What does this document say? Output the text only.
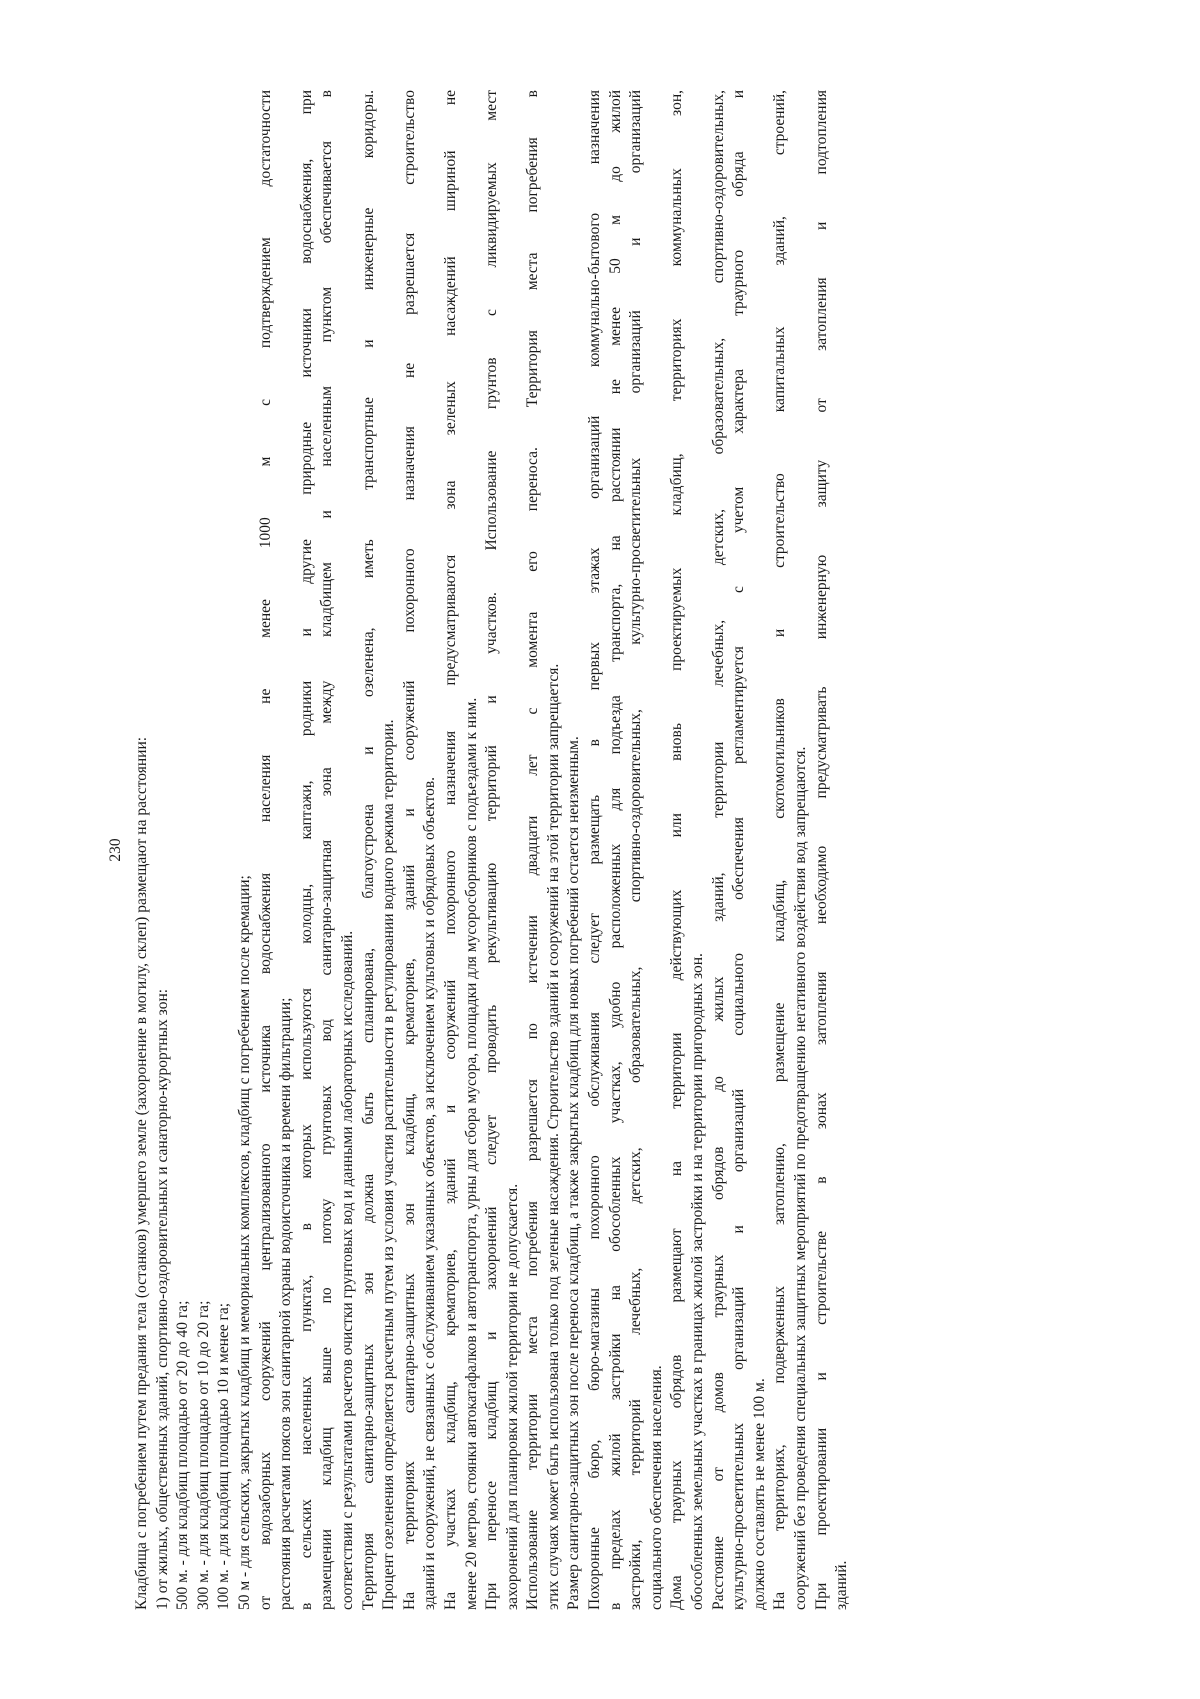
230 Кладбища с погребением путем предания тела (останков) умершего земле (захоронение в могилу, склеп) размещают на расстоянии: 1) от жилых, общественных зданий, спортивно-оздоровительных и санаторно-курортных зон: 500 м. - для кладбищ площадью от 20 до 40 га; 300 м. - для кладбищ площадью от 10 до 20 га; 100 м. - для кладбищ площадью 10 и менее га; 50 м - для сельских, закрытых кладбищ и мемориальных комплексов, кладбищ с погребением после кремации; от водозаборных сооружений централизованного источника водоснабжения населения не менее 1000 м с подтверждением достаточности расстояния расчетами поясов зон санитарной охраны водоисточника и времени фильтрации; в сельских населенных пунктах, в которых используются колодцы, каптажи, родники и другие природные источники водоснабжения, при размещении кладбищ выше по потоку грунтовых вод санитарно-защитная зона между кладбищем и населенным пунктом обеспечивается в соответствии с результатами расчетов очистки грунтовых вод и данными лабораторных исследований. Территория санитарно-защитных зон должна быть спланирована, благоустроена и озеленена, иметь транспортные и инженерные коридоры. Процент озеленения определяется расчетным путем из условия участия растительности в регулировании водного режима территории. На территориях санитарно-защитных зон кладбищ, крематориев, зданий и сооружений похоронного назначения не разрешается строительство зданий и сооружений, не связанных с обслуживанием указанных объектов, за исключением культовых и обрядовых объектов. На участках кладбищ, крематориев, зданий и сооружений похоронного назначения предусматриваются зона зеленых насаждений шириной не менее 20 метров, стоянки автокатафалков и автотранспорта, урны для сбора мусора, площадки для мусоросборников с подъездами к ним. При переносе кладбищ и захоронений следует проводить рекультивацию территорий и участков. Использование грунтов с ликвидируемых мест захоронений для планировки жилой территории не допускается. Использование территории места погребения разрешается по истечении двадцати лет с момента его переноса. Территория места погребения в этих случаях может быть использована только под зеленые насаждения. Строительство зданий и сооружений на этой территории запрещается. Размер санитарно-защитных зон после переноса кладбищ, а также закрытых кладбищ для новых погребений остается неизменным. Похоронные бюро, бюро-магазины похоронного обслуживания следует размещать в первых этажах организаций коммунально-бытового назначения в пределах жилой застройки на обособленных участках, удобно расположенных для подъезда транспорта, на расстоянии не менее 50 м до жилой застройки, территорий лечебных, детских, образовательных, спортивно-оздоровительных, культурно-просветительных организаций и организаций социального обеспечения населения. Дома траурных обрядов размещают на территории действующих или вновь проектируемых кладбищ, территориях коммунальных зон, обособленных земельных участках в границах жилой застройки и на территории пригородных зон. Расстояние от домов траурных обрядов до жилых зданий, территории лечебных, детских, образовательных, спортивно-оздоровительных, культурно-просветительных организаций и организаций социального обеспечения регламентируется с учетом характера траурного обряда и должно составлять не менее 100 м. На территориях, подверженных затоплению, размещение кладбищ, скотомогильников и строительство капитальных зданий, строений, сооружений без проведения специальных защитных мероприятий по предотвращению негативного воздействия вод запрещаются. При проектировании и строительстве в зонах затопления необходимо предусматривать инженерную защиту от затопления и подтопления зданий.
